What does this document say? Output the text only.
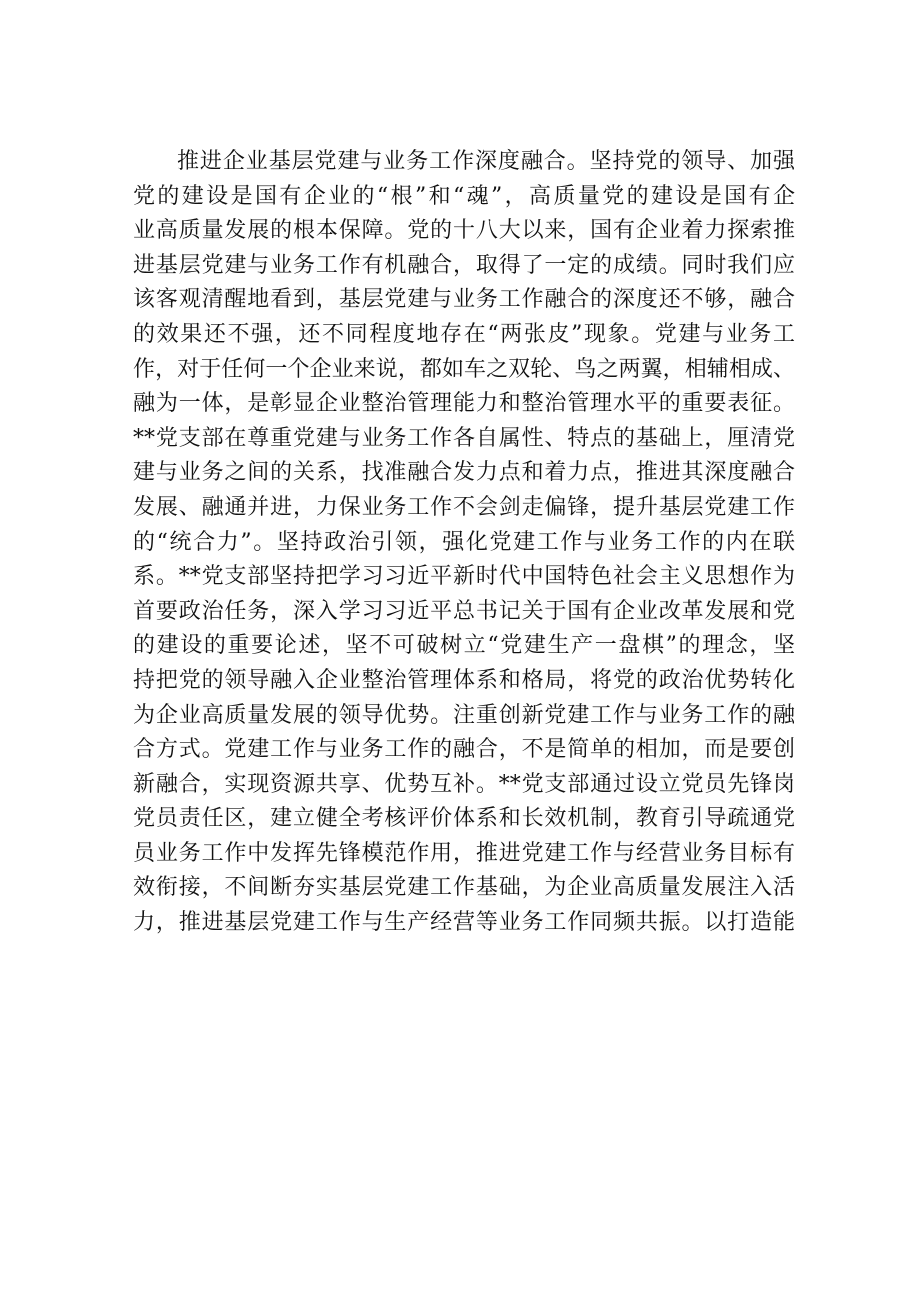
推进企业基层党建与业务工作深度融合。坚持党的领导、加强
党的建设是国有企业的“根”和“魂”，高质量党的建设是国有企
业高质量发展的根本保障。党的十八大以来，国有企业着力探索推
进基层党建与业务工作有机融合，取得了一定的成绩。同时我们应
该客观清醒地看到，基层党建与业务工作融合的深度还不够，融合
的效果还不强，还不同程度地存在“两张皮”现象。党建与业务工
作，对于任何一个企业来说，都如车之双轮、鸟之两翼，相辅相成、
融为一体，是彰显企业整治管理能力和整治管理水平的重要表征。
**党支部在尊重党建与业务工作各自属性、特点的基础上，厘清党
建与业务之间的关系，找准融合发力点和着力点，推进其深度融合
发展、融通并进，力保业务工作不会剑走偏锋，提升基层党建工作
的“统合力”。坚持政治引领，强化党建工作与业务工作的内在联
系。**党支部坚持把学习习近平新时代中国特色社会主义思想作为
首要政治任务，深入学习习近平总书记关于国有企业改革发展和党
的建设的重要论述，坚不可破树立“党建生产一盘棋”的理念，坚
持把党的领导融入企业整治管理体系和格局，将党的政治优势转化
为企业高质量发展的领导优势。注重创新党建工作与业务工作的融
合方式。党建工作与业务工作的融合，不是简单的相加，而是要创
新融合，实现资源共享、优势互补。**党支部通过设立党员先锋岗
党员责任区，建立健全考核评价体系和长效机制，教育引导疏通党
员业务工作中发挥先锋模范作用，推进党建工作与经营业务目标有
效衔接，不间断夯实基层党建工作基础，为企业高质量发展注入活
力，推进基层党建工作与生产经营等业务工作同频共振。以打造能
